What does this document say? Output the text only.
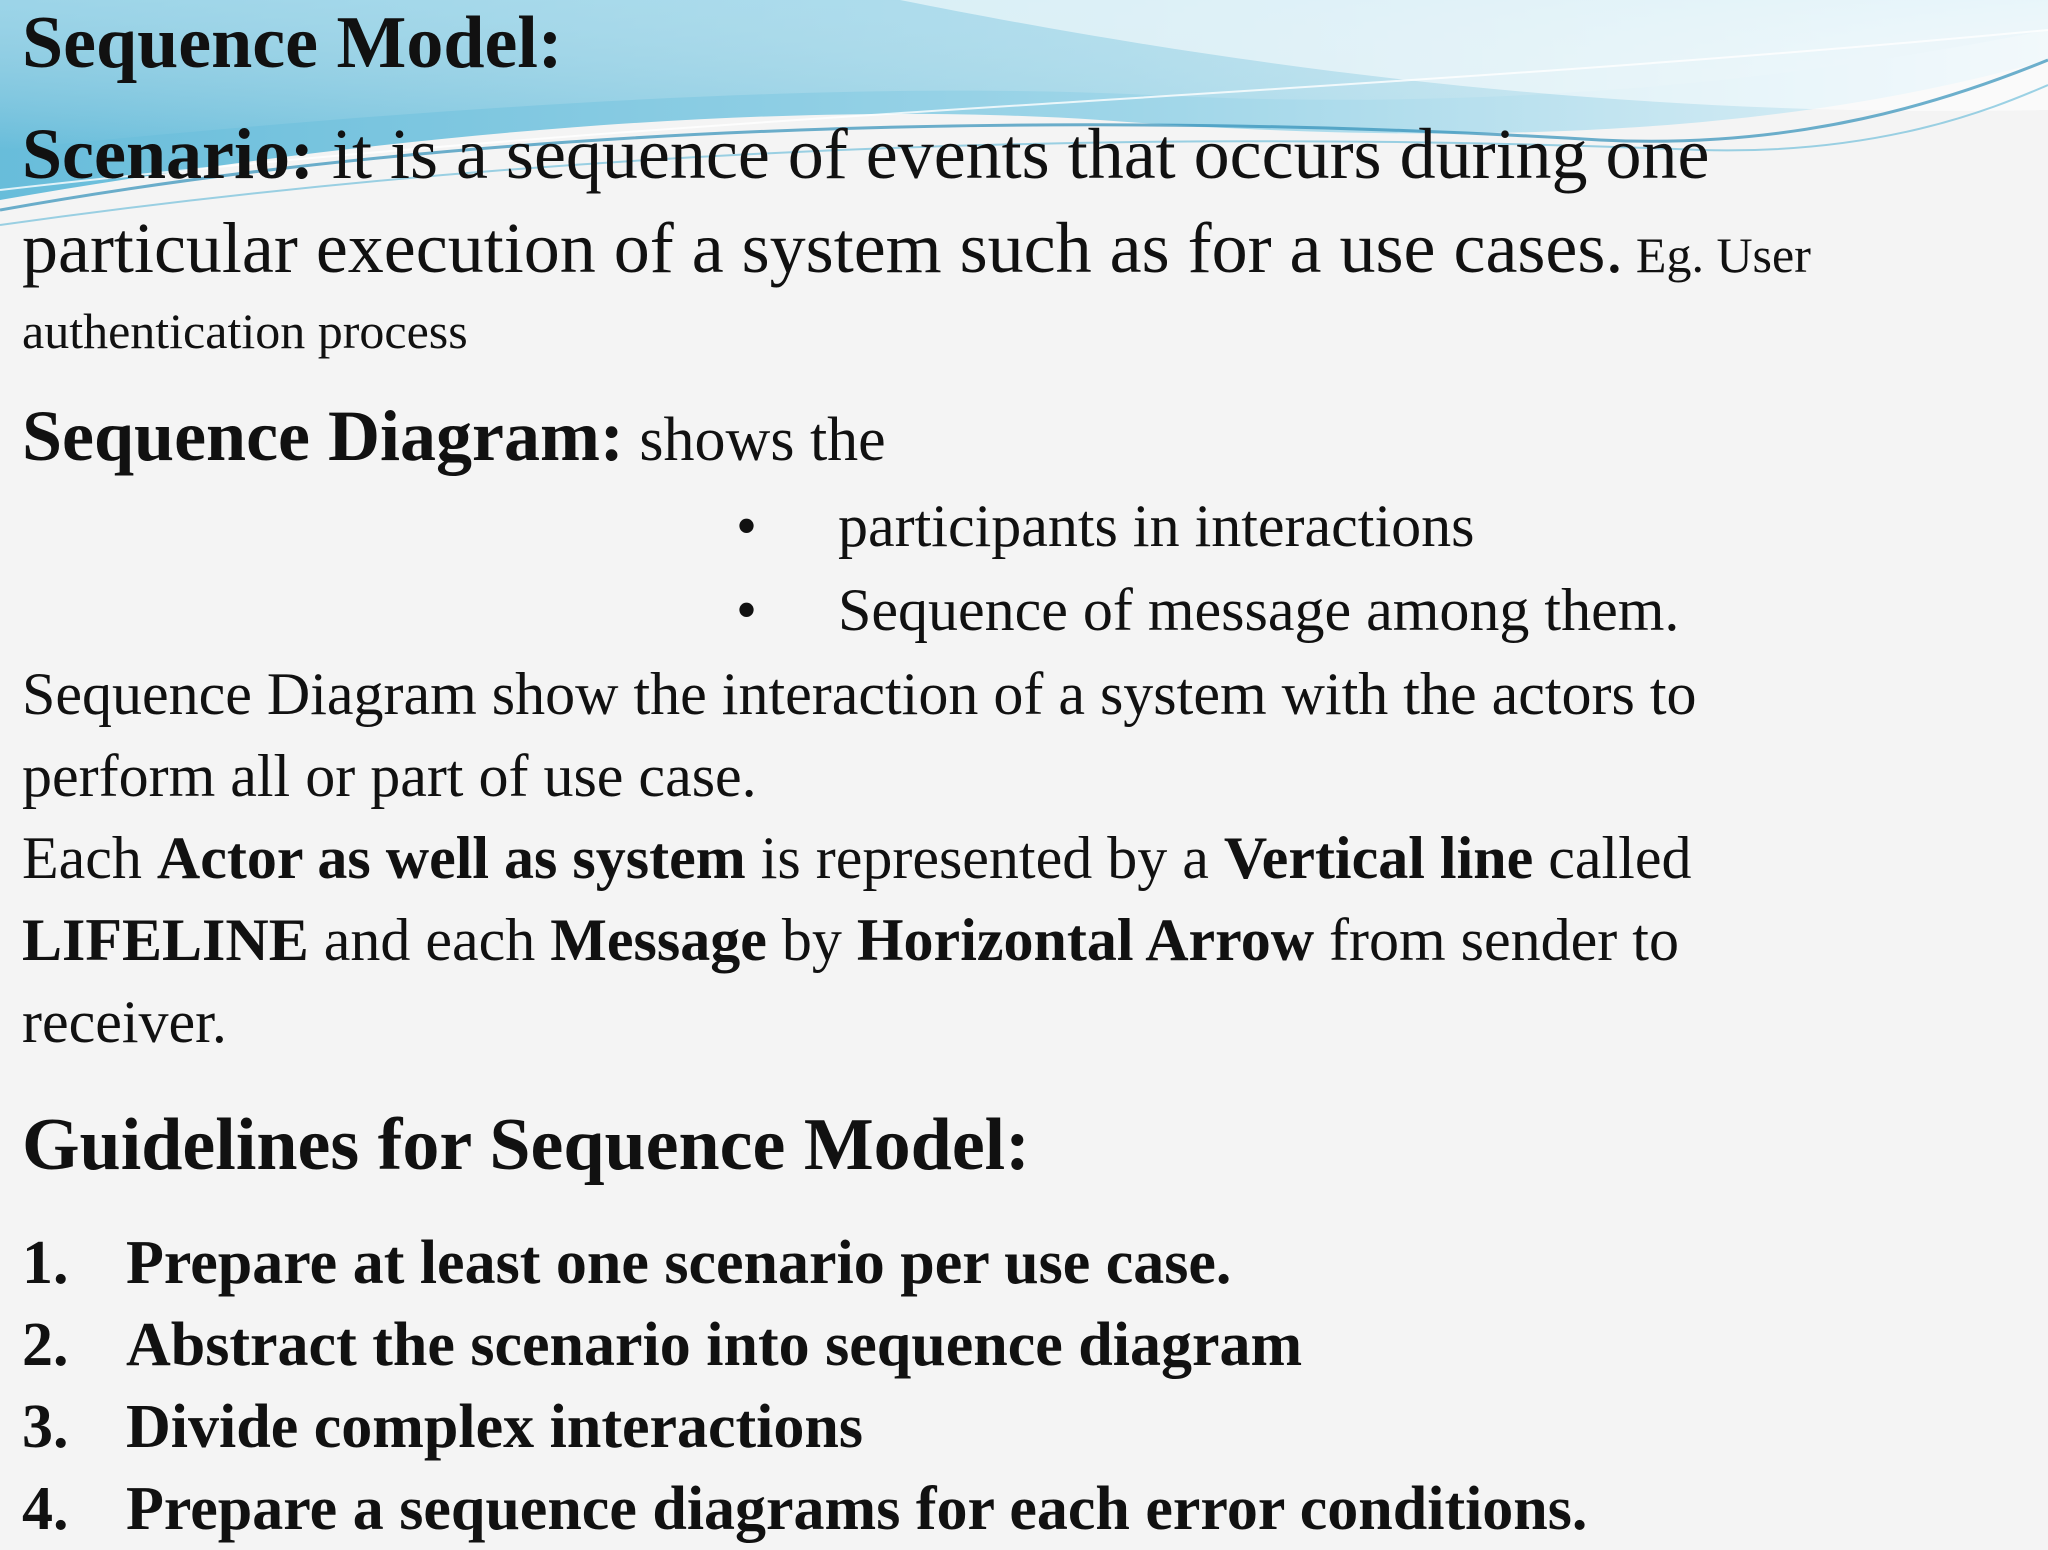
Sequence Model:

Scenario: it is a sequence of events that occurs during one

particular execution of a system such as for a use cases. Eg. User

authentication process

Sequence Diagram: shows the

• participants in interactions
• Sequence of message among them.

Sequence Diagram show the interaction of a system with the actors to

perform all or part of use case.

Each Actor as well as system is represented by a Vertical line called

LIFELINE and each Message by Horizontal Arrow from sender to

receiver.

Guidelines for Sequence Model:

1. Prepare at least one scenario per use case.
2. Abstract the scenario into sequence diagram
3. Divide complex interactions
4. Prepare a sequence diagrams for each error conditions.
